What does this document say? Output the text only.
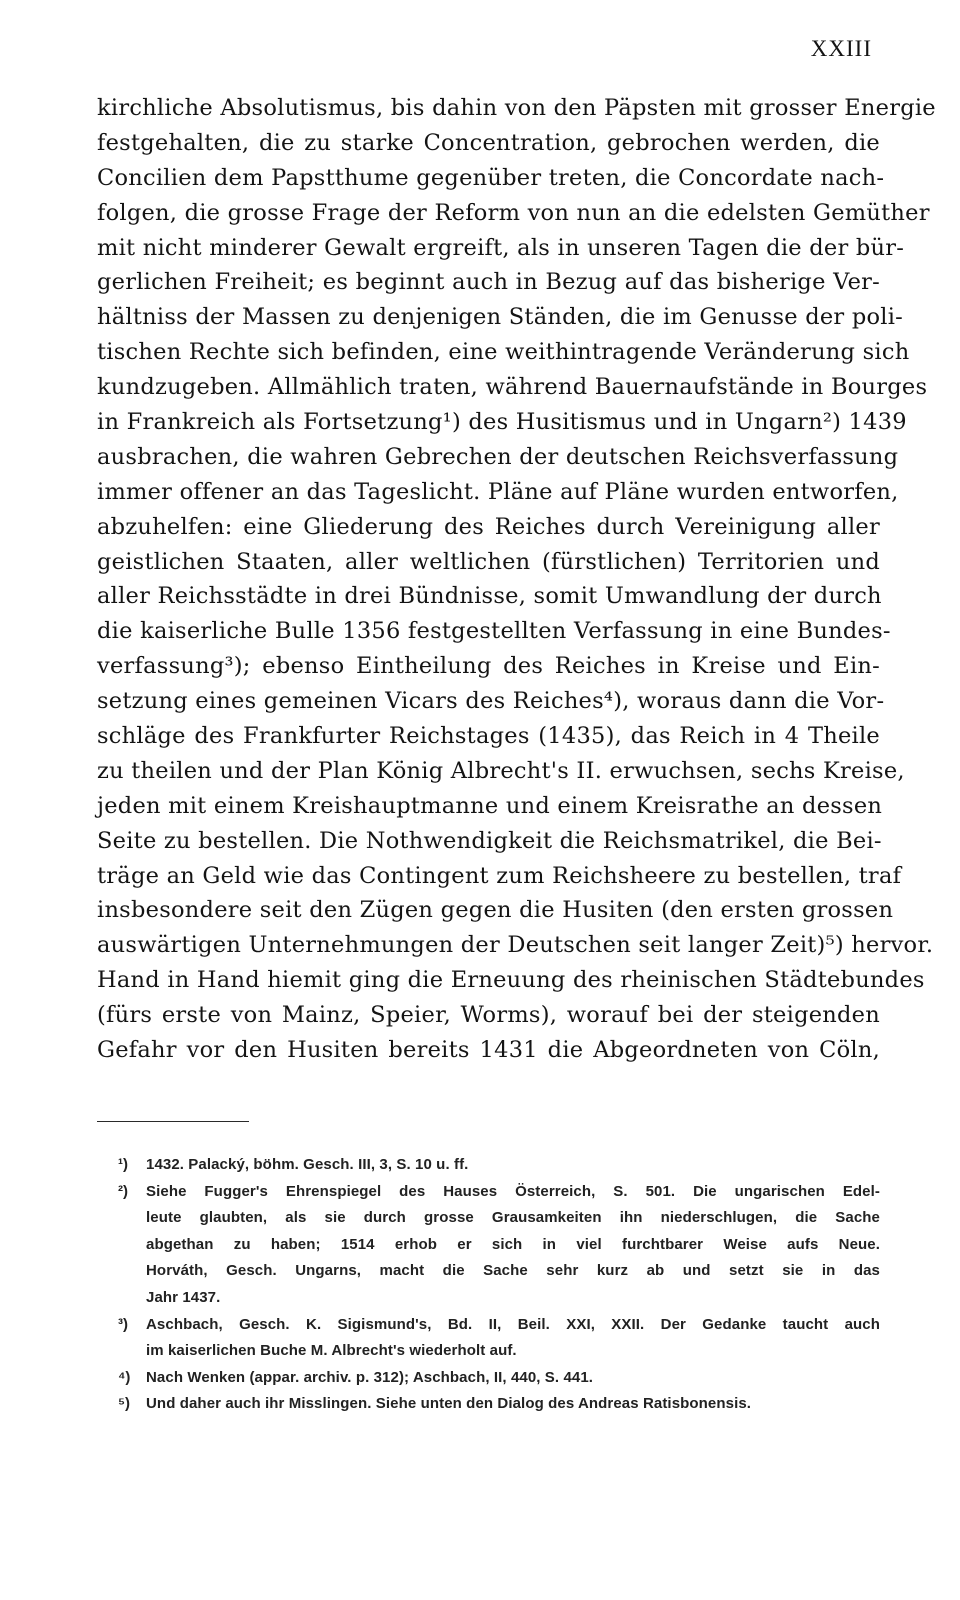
XXIII
kirchliche Absolutismus, bis dahin von den Päpsten mit grosser Energie
festgehalten, die zu starke Concentration, gebrochen werden, die
Concilien dem Papstthume gegenüber treten, die Concordate nach-
folgen, die grosse Frage der Reform von nun an die edelsten Gemüther
mit nicht minderer Gewalt ergreift, als in unseren Tagen die der bür-
gerlichen Freiheit; es beginnt auch in Bezug auf das bisherige Ver-
hältniss der Massen zu denjenigen Ständen, die im Genusse der poli-
tischen Rechte sich befinden, eine weithintragende Veränderung sich
kundzugeben. Allmählich traten, während Bauernaufstände in Bourges
in Frankreich als Fortsetzung¹) des Husitismus und in Ungarn²) 1439
ausbrachen, die wahren Gebrechen der deutschen Reichsverfassung
immer offener an das Tageslicht. Pläne auf Pläne wurden entworfen,
abzuhelfen: eine Gliederung des Reiches durch Vereinigung aller
geistlichen Staaten, aller weltlichen (fürstlichen) Territorien und
aller Reichsstädte in drei Bündnisse, somit Umwandlung der durch
die kaiserliche Bulle 1356 festgestellten Verfassung in eine Bundes-
verfassung³); ebenso Eintheilung des Reiches in Kreise und Ein-
setzung eines gemeinen Vicars des Reiches⁴), woraus dann die Vor-
schläge des Frankfurter Reichstages (1435), das Reich in 4 Theile
zu theilen und der Plan König Albrecht's II. erwuchsen, sechs Kreise,
jeden mit einem Kreishauptmanne und einem Kreisrathe an dessen
Seite zu bestellen. Die Nothwendigkeit die Reichsmatrikel, die Bei-
träge an Geld wie das Contingent zum Reichsheere zu bestellen, traf
insbesondere seit den Zügen gegen die Husiten (den ersten grossen
auswärtigen Unternehmungen der Deutschen seit langer Zeit)⁵) hervor.
Hand in Hand hiemit ging die Erneuung des rheinischen Städtebundes
(fürs erste von Mainz, Speier, Worms), worauf bei der steigenden
Gefahr vor den Husiten bereits 1431 die Abgeordneten von Cöln,
¹)	1432. Palacký, böhm. Gesch. III, 3, S. 10 u. ff.
²)	Siehe Fugger's Ehrenspiegel des Hauses Österreich, S. 501. Die ungarischen Edel-
leute glaubten, als sie durch grosse Grausamkeiten ihn niederschlugen, die Sache
abgethan zu haben; 1514 erhob er sich in viel furchtbarer Weise aufs Neue.
Horváth, Gesch. Ungarns, macht die Sache sehr kurz ab und setzt sie in das
Jahr 1437.
³)	Aschbach, Gesch. K. Sigismund's, Bd. II, Beil. XXI, XXII. Der Gedanke taucht auch
im kaiserlichen Buche M. Albrecht's wiederholt auf.
⁴)	Nach Wenken (appar. archiv. p. 312); Aschbach, II, 440, S. 441.
⁵)	Und daher auch ihr Misslingen. Siehe unten den Dialog des Andreas Ratisbonensis.
